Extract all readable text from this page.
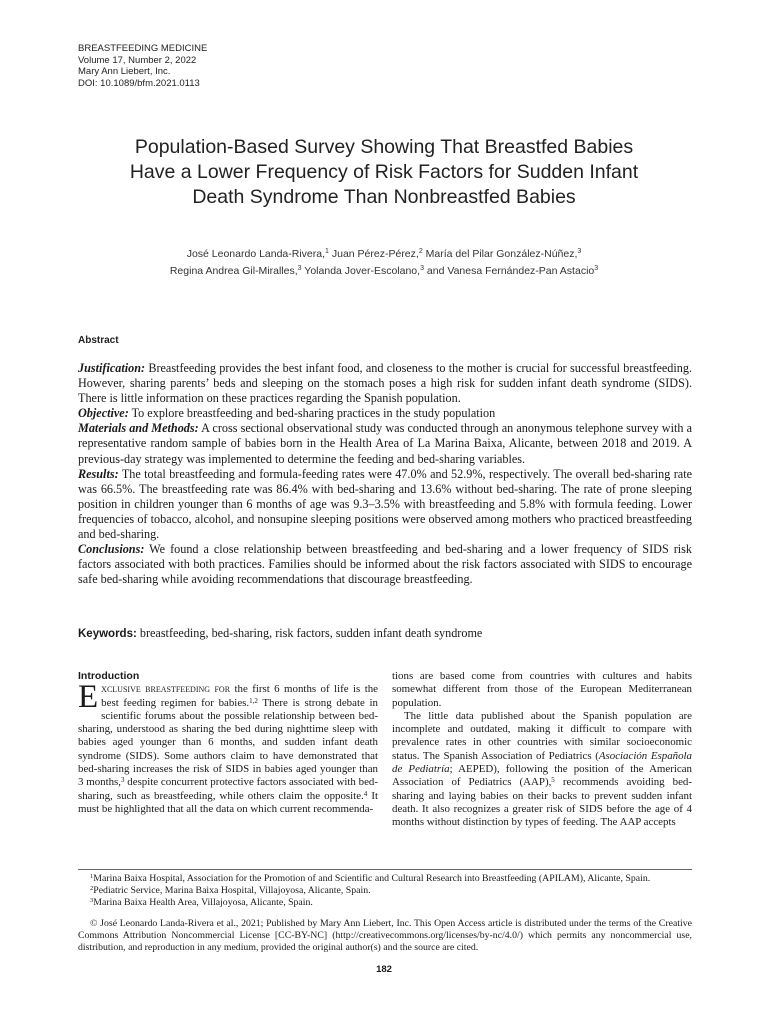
BREASTFEEDING MEDICINE
Volume 17, Number 2, 2022
Mary Ann Liebert, Inc.
DOI: 10.1089/bfm.2021.0113
Population-Based Survey Showing That Breastfed Babies
Have a Lower Frequency of Risk Factors for Sudden Infant
Death Syndrome Than Nonbreastfed Babies
José Leonardo Landa-Rivera,$^1$ Juan Pérez-Pérez,$^2$ María del Pilar González-Núñez,$^3$
Regina Andrea Gil-Miralles,$^3$ Yolanda Jover-Escolano,$^3$ and Vanesa Fernández-Pan Astacio$^3$
Abstract

Justification: Breastfeeding provides the best infant food, and closeness to the mother is crucial for successful breastfeeding. However, sharing parents’ beds and sleeping on the stomach poses a high risk for sudden infant death syndrome (SIDS). There is little information on these practices regarding the Spanish population.

Objective: To explore breastfeeding and bed-sharing practices in the study population

Materials and Methods: A cross sectional observational study was conducted through an anonymous telephone survey with a representative random sample of babies born in the Health Area of La Marina Baixa, Alicante, between 2018 and 2019. A previous-day strategy was implemented to determine the feeding and bed-sharing variables.

Results: The total breastfeeding and formula-feeding rates were 47.0% and 52.9%, respectively. The overall bed-sharing rate was 66.5%. The breastfeeding rate was 86.4% with bed-sharing and 13.6% without bed-sharing. The rate of prone sleeping position in children younger than 6 months of age was 9.3–3.5% with breastfeeding and 5.8% with formula feeding. Lower frequencies of tobacco, alcohol, and nonsupine sleeping positions were observed among mothers who practiced breastfeeding and bed-sharing.

Conclusions: We found a close relationship between breastfeeding and bed-sharing and a lower frequency of SIDS risk factors associated with both practices. Families should be informed about the risk factors associated with SIDS to encourage safe bed-sharing while avoiding recommendations that discourage breastfeeding.

Keywords: breastfeeding, bed-sharing, risk factors, sudden infant death syndrome

Introduction

Exclusive breastfeeding for the first 6 months of life is the best feeding regimen for babies.$^{1,2}$ There is strong debate in scientific forums about the possible relationship between bed-sharing, understood as sharing the bed during nighttime sleep with babies aged younger than 6 months, and sudden infant death syndrome (SIDS). Some authors claim to have demonstrated that bed-sharing increases the risk of SIDS in babies aged younger than 3 months,$^3$ despite concurrent protective factors associated with bed-sharing, such as breastfeeding, while others claim the opposite.$^4$ It must be highlighted that all the data on which current recommenda-

tions are based come from countries with cultures and habits somewhat different from those of the European Mediterranean population.

The little data published about the Spanish population are incomplete and outdated, making it difficult to compare with prevalence rates in other countries with similar socioeconomic status. The Spanish Association of Pediatrics (Asociación Española de Pediatría; AEPED), following the position of the American Association of Pediatrics (AAP),$^5$ recommends avoiding bed-sharing and laying babies on their backs to prevent sudden infant death. It also recognizes a greater risk of SIDS before the age of 4 months without distinction by types of feeding. The AAP accepts

$^1$Marina Baixa Hospital, Association for the Promotion of and Scientific and Cultural Research into Breastfeeding (APILAM), Alicante, Spain.
$^2$Pediatric Service, Marina Baixa Hospital, Villajoyosa, Alicante, Spain.
$^3$Marina Baixa Health Area, Villajoyosa, Alicante, Spain.

© José Leonardo Landa-Rivera et al., 2021; Published by Mary Ann Liebert, Inc. This Open Access article is distributed under the terms of the Creative Commons Attribution Noncommercial License [CC-BY-NC] (http://creativecommons.org/licenses/by-nc/4.0/) which permits any noncommercial use, distribution, and reproduction in any medium, provided the original author(s) and the source are cited.

182
